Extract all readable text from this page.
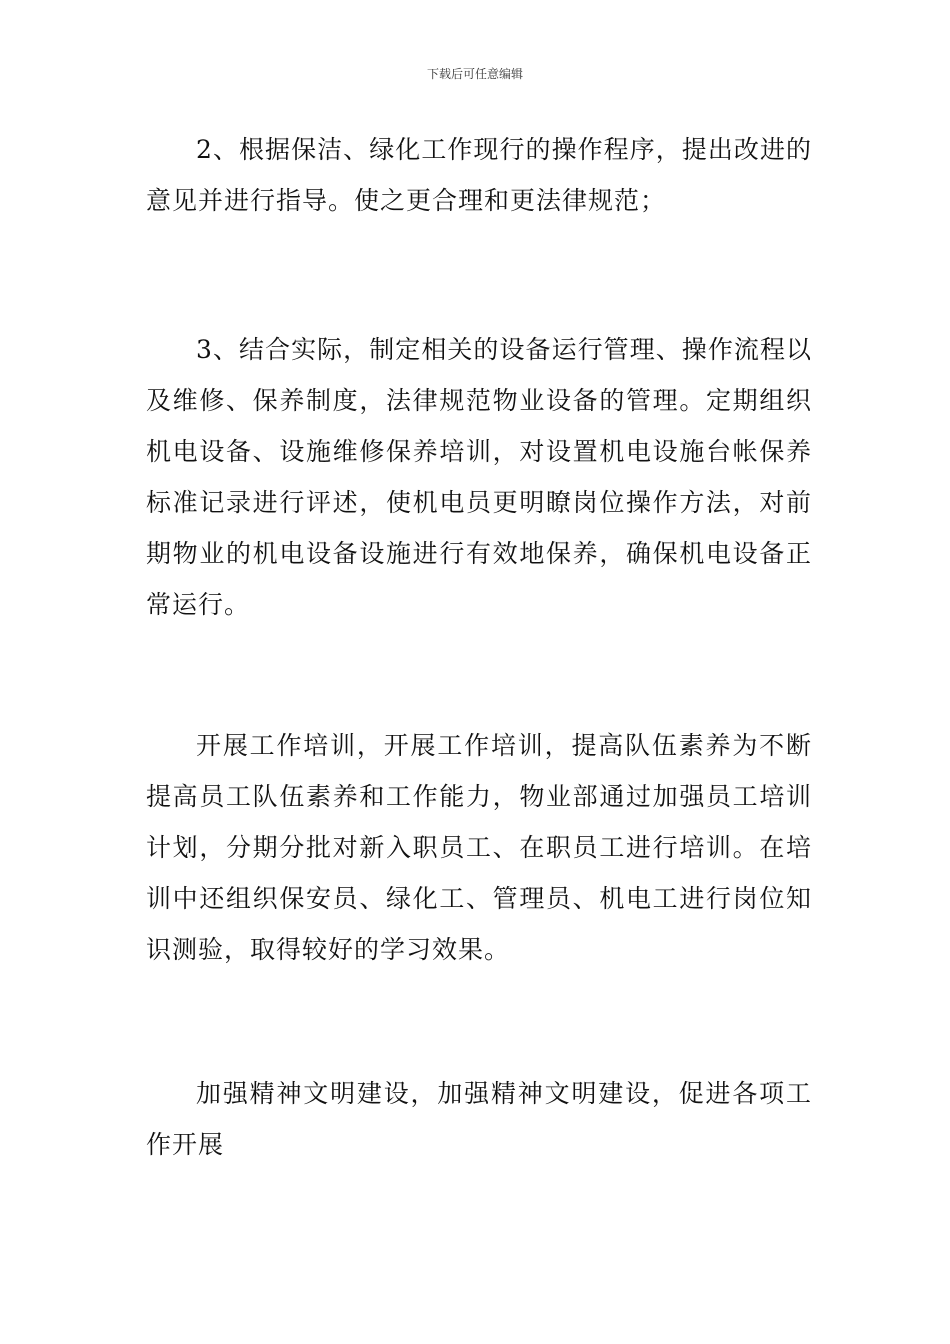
下载后可任意编辑

2、根据保洁、绿化工作现行的操作程序，提出改进的意见并进行指导。使之更合理和更法律规范；

3、结合实际，制定相关的设备运行管理、操作流程以及维修、保养制度，法律规范物业设备的管理。定期组织机电设备、设施维修保养培训，对设置机电设施台帐保养标准记录进行评述，使机电员更明瞭岗位操作方法，对前期物业的机电设备设施进行有效地保养，确保机电设备正常运行。

开展工作培训，开展工作培训，提高队伍素养为不断提高员工队伍素养和工作能力，物业部通过加强员工培训计划，分期分批对新入职员工、在职员工进行培训。在培训中还组织保安员、绿化工、管理员、机电工进行岗位知识测验，取得较好的学习效果。

加强精神文明建设，加强精神文明建设，促进各项工作开展
